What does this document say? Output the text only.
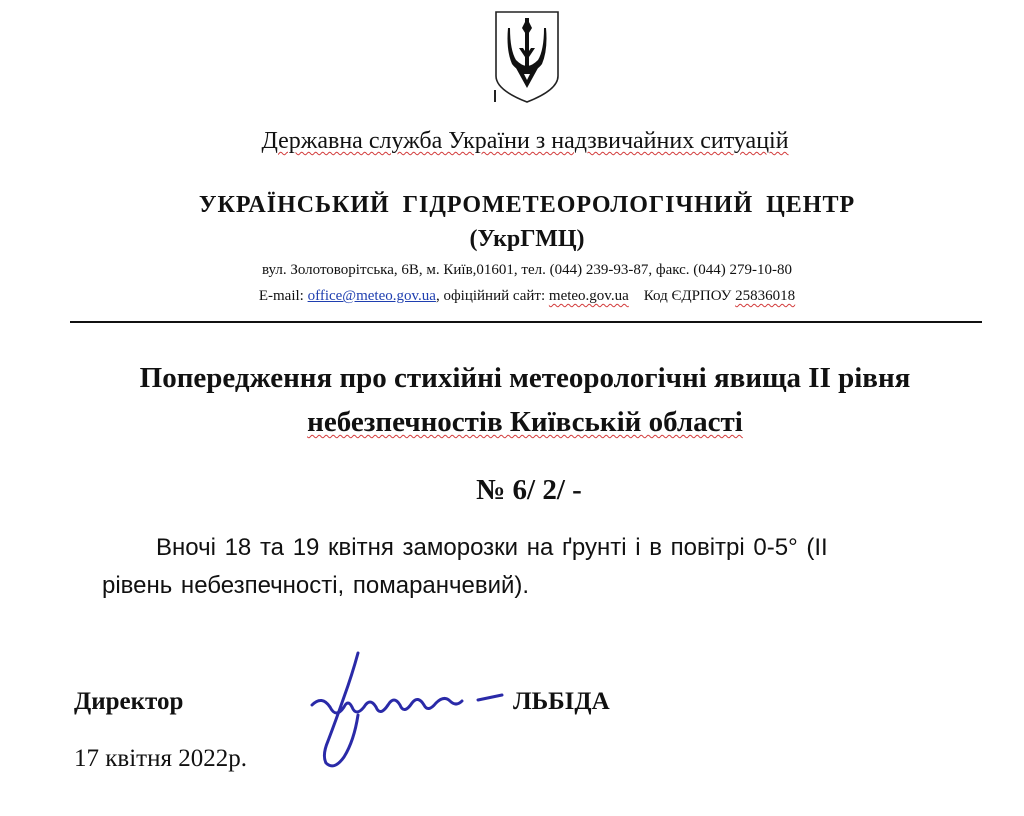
Державна служба України з надзвичайних ситуацій
УКРАЇНСЬКИЙ ГІДРОМЕТЕОРОЛОГІЧНИЙ ЦЕНТР
(УкрГМЦ)
вул. Золотоворітська, 6В, м. Київ,01601, тел. (044) 239-93-87, факс. (044) 279-10-80
E-mail: office@meteo.gov.ua, офіційний сайт: meteo.gov.ua Код ЄДРПОУ 25836018
Попередження про стихійні метеорологічні явища ІІ рівня
небезпечностів Київській області
№ 6/ 2/ -
Вночі 18 та 19 квітня заморозки на ґрунті і в повітрі 0-5° (ІІ
рівень небезпечності, помаранчевий).
Директор	ЛЬБІДА
17 квітня 2022р.
